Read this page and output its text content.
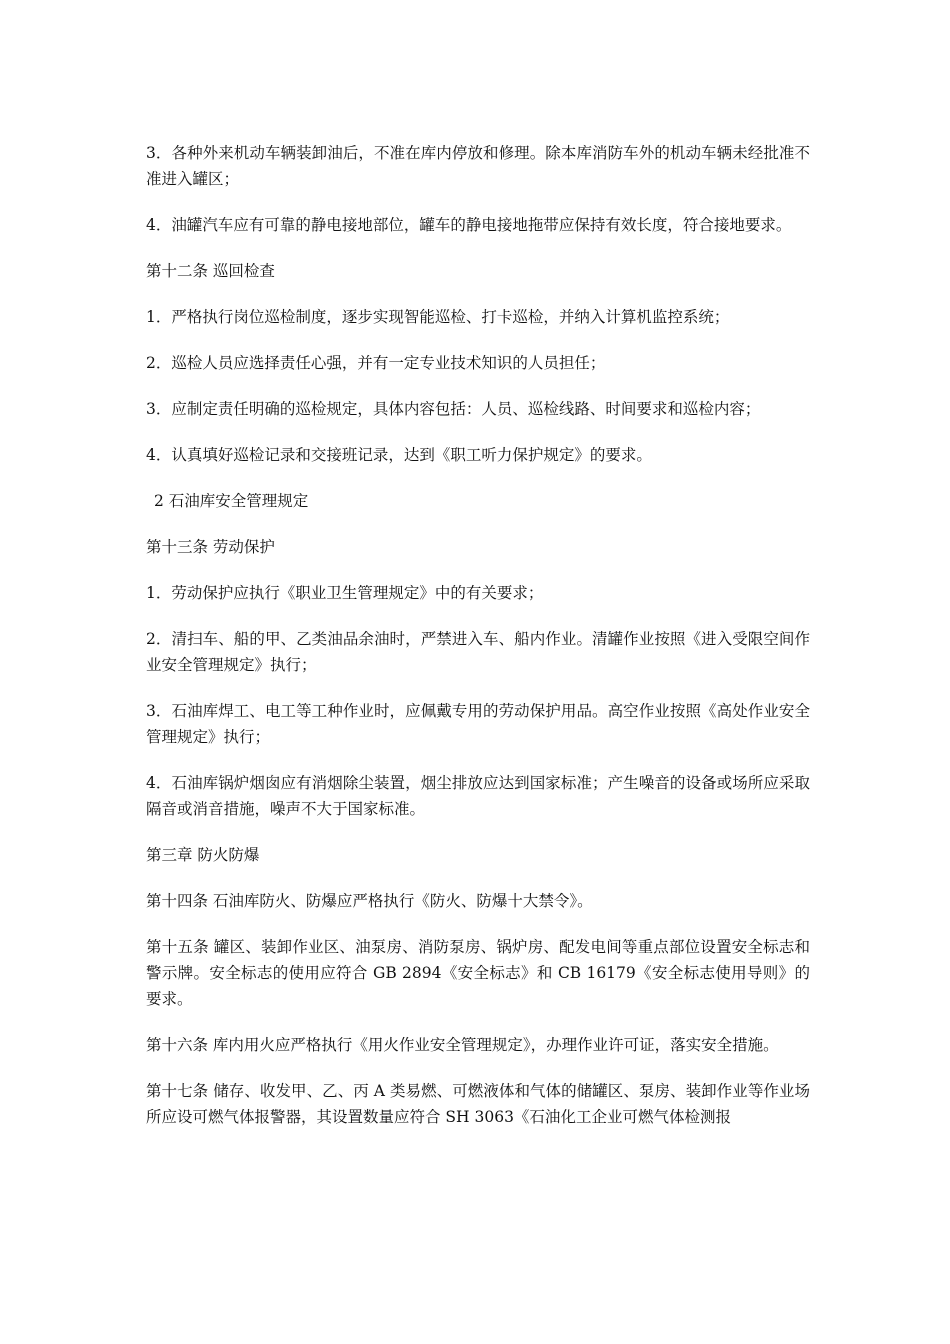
3．各种外来机动车辆装卸油后，不准在库内停放和修理。除本库消防车外的机动车辆未经批准不准进入罐区；

4．油罐汽车应有可靠的静电接地部位，罐车的静电接地拖带应保持有效长度，符合接地要求。

第十二条 巡回检查

1．严格执行岗位巡检制度，逐步实现智能巡检、打卡巡检，并纳入计算机监控系统；

2．巡检人员应选择责任心强，并有一定专业技术知识的人员担任；

3．应制定责任明确的巡检规定，具体内容包括：人员、巡检线路、时间要求和巡检内容；

4．认真填好巡检记录和交接班记录，达到《职工听力保护规定》的要求。

2 石油库安全管理规定

第十三条 劳动保护

1．劳动保护应执行《职业卫生管理规定》中的有关要求；

2．清扫车、船的甲、乙类油品余油时，严禁进入车、船内作业。清罐作业按照《进入受限空间作业安全管理规定》执行；

3．石油库焊工、电工等工种作业时，应佩戴专用的劳动保护用品。高空作业按照《高处作业安全管理规定》执行；

4．石油库锅炉烟囱应有消烟除尘装置，烟尘排放应达到国家标准；产生噪音的设备或场所应采取隔音或消音措施，噪声不大于国家标准。

第三章 防火防爆

第十四条 石油库防火、防爆应严格执行《防火、防爆十大禁令》。

第十五条 罐区、装卸作业区、油泵房、消防泵房、锅炉房、配发电间等重点部位设置安全标志和警示牌。安全标志的使用应符合 GB 2894《安全标志》和 CB 16179《安全标志使用导则》的要求。

第十六条 库内用火应严格执行《用火作业安全管理规定》，办理作业许可证，落实安全措施。

第十七条 储存、收发甲、乙、丙 A 类易燃、可燃液体和气体的储罐区、泵房、装卸作业等作业场所应设可燃气体报警器，其设置数量应符合 SH 3063《石油化工企业可燃气体检测报
